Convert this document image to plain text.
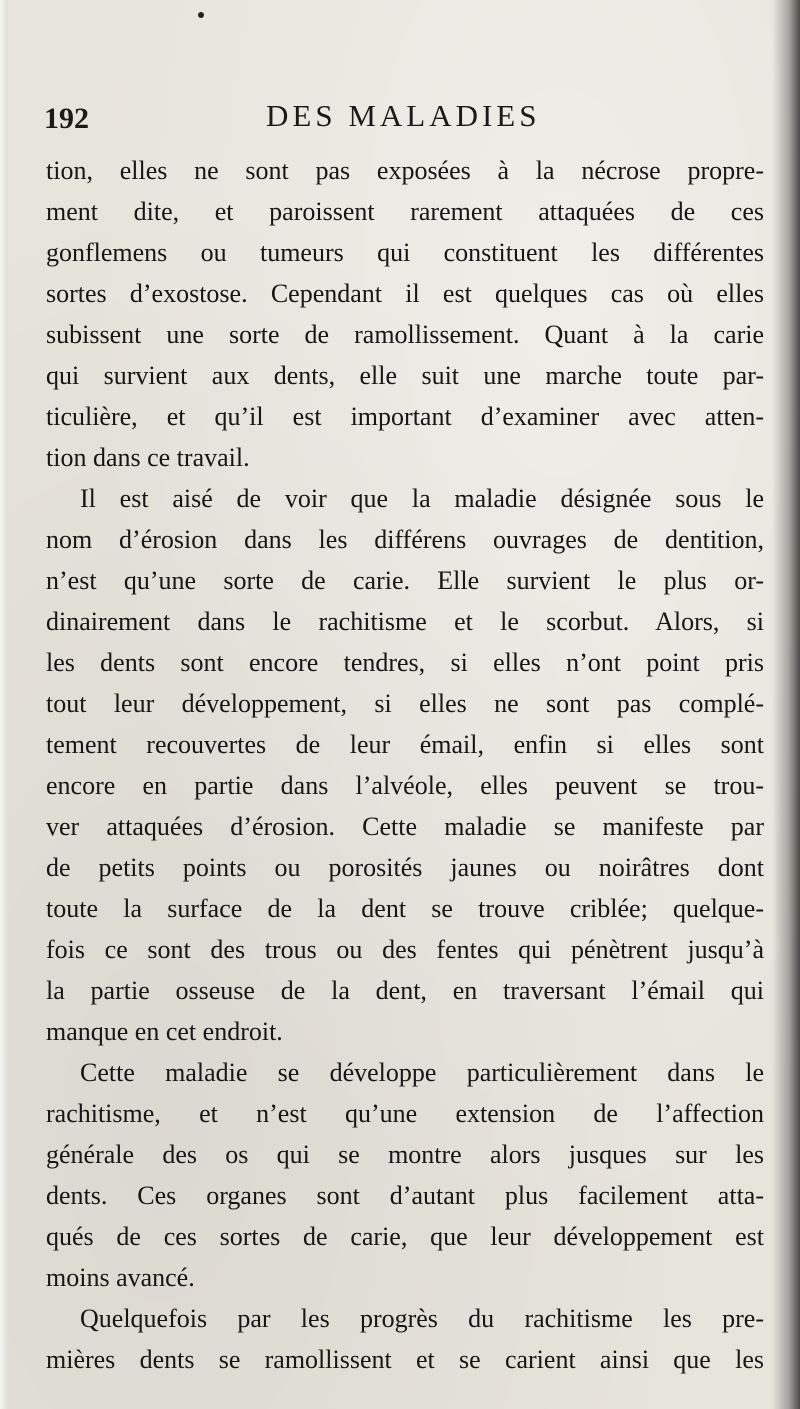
192	DES MALADIES
tion, elles ne sont pas exposées à la nécrose propre-
ment dite, et paroissent rarement attaquées de ces
gonflemens ou tumeurs qui constituent les différentes
sortes d’exostose. Cependant il est quelques cas où elles
subissent une sorte de ramollissement. Quant à la carie
qui survient aux dents, elle suit une marche toute par-
ticulière, et qu’il est important d’examiner avec atten-
tion dans ce travail.
Il est aisé de voir que la maladie désignée sous le
nom d’érosion dans les différens ouvrages de dentition,
n’est qu’une sorte de carie. Elle survient le plus or-
dinairement dans le rachitisme et le scorbut. Alors, si
les dents sont encore tendres, si elles n’ont point pris
tout leur développement, si elles ne sont pas complé-
tement recouvertes de leur émail, enfin si elles sont
encore en partie dans l’alvéole, elles peuvent se trou-
ver attaquées d’érosion. Cette maladie se manifeste par
de petits points ou porosités jaunes ou noirâtres dont
toute la surface de la dent se trouve criblée; quelque-
fois ce sont des trous ou des fentes qui pénètrent jusqu’à
la partie osseuse de la dent, en traversant l’émail qui
manque en cet endroit.
Cette maladie se développe particulièrement dans le
rachitisme, et n’est qu’une extension de l’affection
générale des os qui se montre alors jusques sur les
dents. Ces organes sont d’autant plus facilement atta-
qués de ces sortes de carie, que leur développement est
moins avancé.
Quelquefois par les progrès du rachitisme les pre-
mières dents se ramollissent et se carient ainsi que les
